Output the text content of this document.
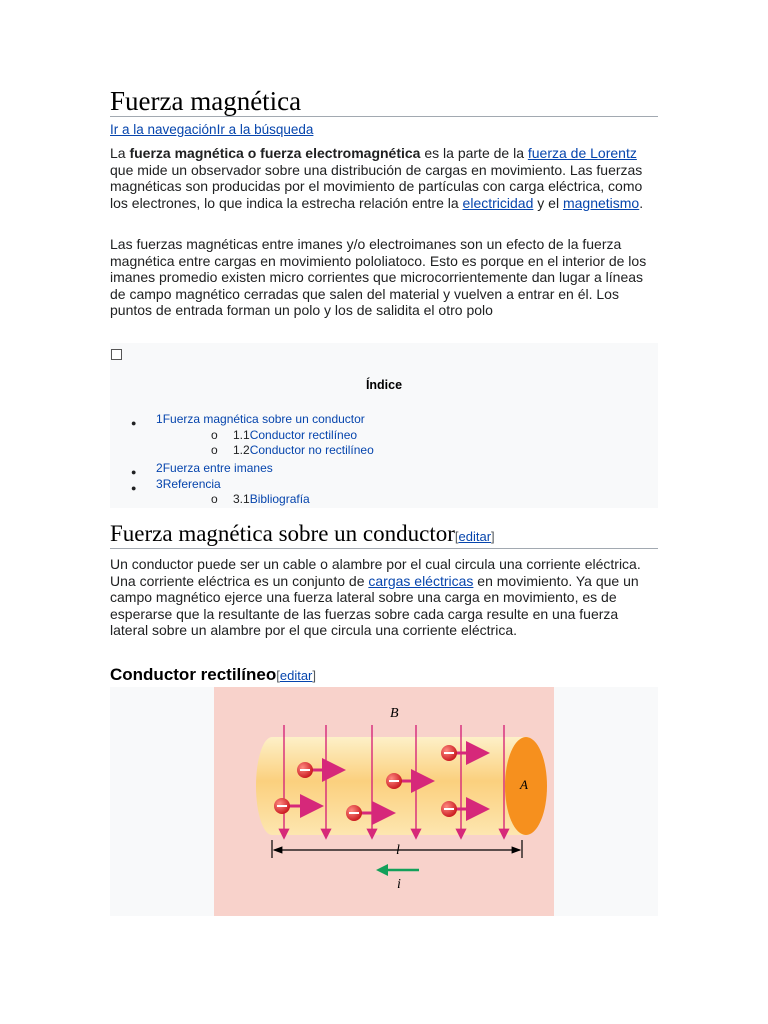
Fuerza magnética
Ir a la navegaciónIr a la búsqueda

La fuerza magnética o fuerza electromagnética es la parte de la fuerza de Lorentz que mide un observador sobre una distribución de cargas en movimiento. Las fuerzas magnéticas son producidas por el movimiento de partículas con carga eléctrica, como los electrones, lo que indica la estrecha relación entre la electricidad y el magnetismo.

Las fuerzas magnéticas entre imanes y/o electroimanes son un efecto de la fuerza magnética entre cargas en movimiento pololiatoco. Esto es porque en el interior de los imanes promedio existen micro corrientes que microcorrientemente dan lugar a líneas de campo magnético cerradas que salen del material y vuelven a entrar en él. Los puntos de entrada forman un polo y los de salidita el otro polo

Índice
● 1Fuerza magnética sobre un conductor
o 1.1Conductor rectilíneo
o 1.2Conductor no rectilíneo
● 2Fuerza entre imanes
● 3Referencia
o 3.1Bibliografía
Fuerza magnética sobre un conductor[editar]

Un conductor puede ser un cable o alambre por el cual circula una corriente eléctrica. Una corriente eléctrica es un conjunto de cargas eléctricas en movimiento. Ya que un campo magnético ejerce una fuerza lateral sobre una carga en movimiento, es de esperarse que la resultante de las fuerzas sobre cada carga resulte en una fuerza lateral sobre un alambre por el que circula una corriente eléctrica.

Conductor rectilíneo[editar]
A
B
l
i
